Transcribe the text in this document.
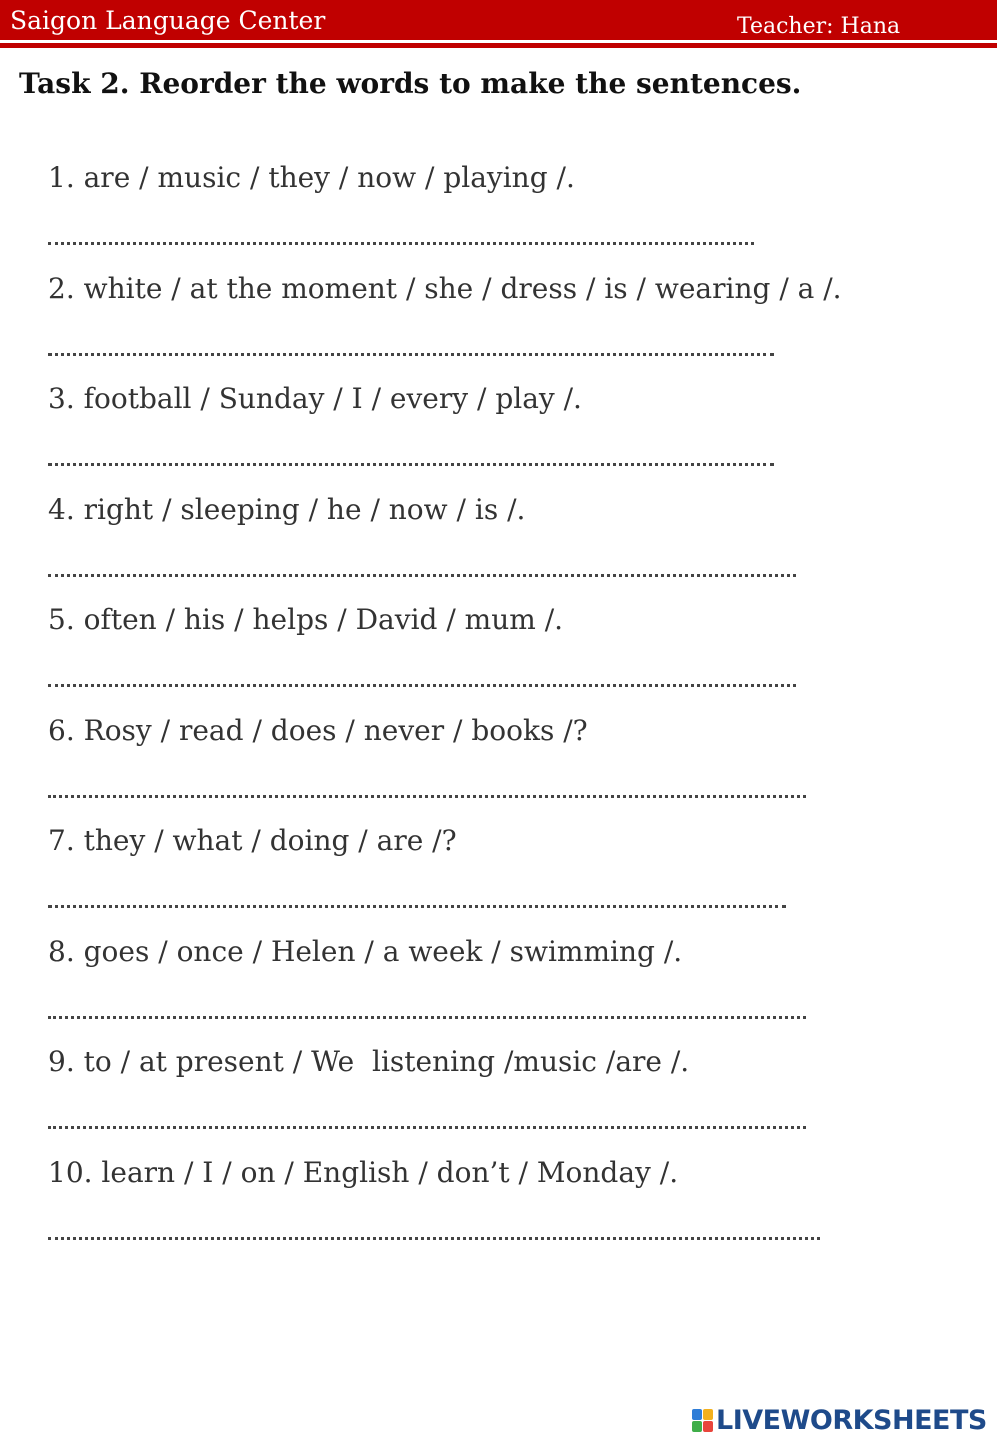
Saigon Language Center	Teacher: Hana
Task 2. Reorder the words to make the sentences.
1. are / music / they / now / playing /.
2. white / at the moment / she / dress / is / wearing / a /.
3. football / Sunday / I / every / play /.
4. right / sleeping / he / now / is /.
5. often / his / helps / David / mum /.
6. Rosy / read / does / never / books /?
7. they / what / doing / are /?
8. goes / once / Helen / a week / swimming /.
9. to / at present / We  listening /music /are /.
10. learn / I / on / English / don’t / Monday /.
LIVEWORKSHEETS
